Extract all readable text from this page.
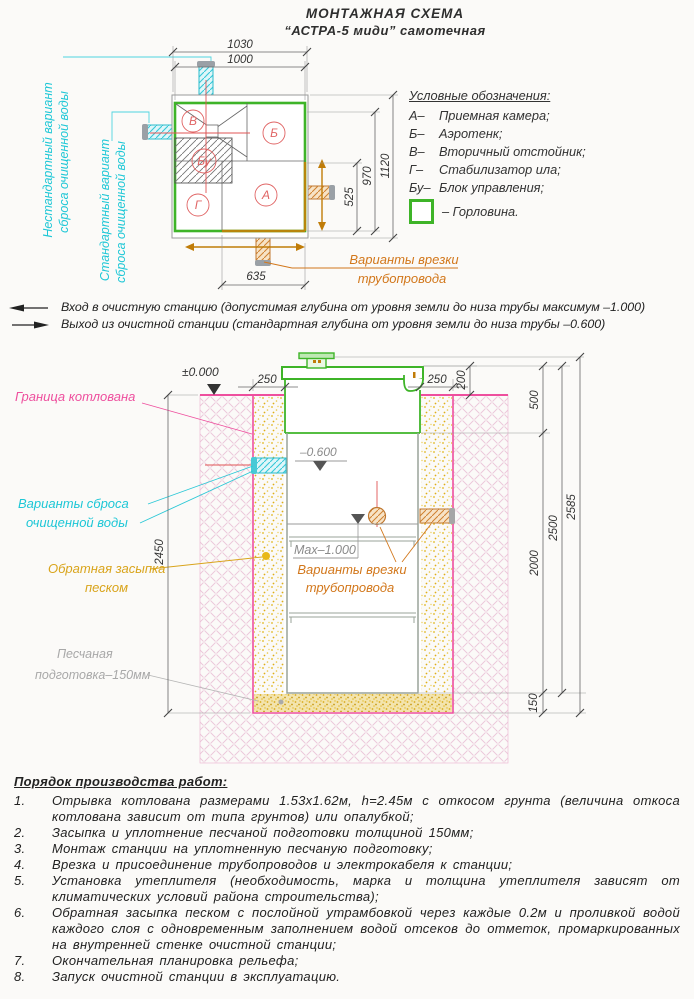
В
Б
Бу
А
Г
1030
1000
635
1120
970
525
Нестандартный вариант сброса очищенной воды Стандартный вариант сброса очищенной воды	Варианты врезки
трубопровода
±0.000
–0.600
Max–1.000
Граница котлована
Варианты сброса
очищенной воды
Обратная засыпка
песком
Песчаная
подготовка–150мм
Варианты врезки
трубопровода
250	250 200
500
2000
150
2500
2585
2450
МОНТАЖНАЯ СХЕМА
“АСТРА-5 миди” самотечная
Условные обозначения:
А–	Приемная камера;
Б–	Аэротенк;
В–	Вторичный отстойник;
Г–	Стабилизатор ила;
Бу– Блок управления;
– Горловина.
Вход в очистную станцию (допустимая глубина от уровня земли до низа трубы максимум –1.000)
Выход из очистной станции (стандартная глубина от уровня земли до низа трубы –0.600)
Порядок производства работ:
1.	Отрывка котлована размерами 1.53х1.62м, h=2.45м с откосом грунта (величина откоса котлована зависит от типа грунтов) или опалубкой;
2.	Засыпка и уплотнение песчаной подготовки толщиной 150мм;
3.	Монтаж станции на уплотненную песчаную подготовку;
4.	Врезка и присоединение трубопроводов и электрокабеля к станции;
5.	Установка утеплителя (необходимость, марка и толщина утеплителя зависят от климатических условий района строительства);
6.	Обратная засыпка песком с послойной утрамбовкой через каждые 0.2м и проливкой водой каждого слоя с одновременным заполнением водой отсеков до отметок, промаркированных на внутренней стенке очистной станции;
7.	Окончательная планировка рельефа;
8.	Запуск очистной станции в эксплуатацию.
